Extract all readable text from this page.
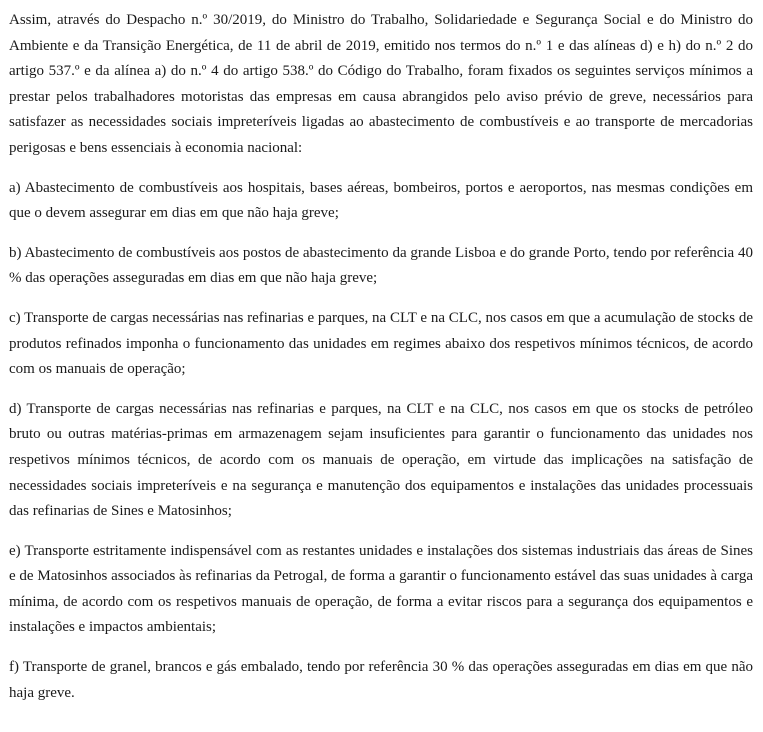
Assim, através do Despacho n.º 30/2019, do Ministro do Trabalho, Solidariedade e Segurança Social e do Ministro do Ambiente e da Transição Energética, de 11 de abril de 2019, emitido nos termos do n.º 1 e das alíneas d) e h) do n.º 2 do artigo 537.º e da alínea a) do n.º 4 do artigo 538.º do Código do Trabalho, foram fixados os seguintes serviços mínimos a prestar pelos trabalhadores motoristas das empresas em causa abrangidos pelo aviso prévio de greve, necessários para satisfazer as necessidades sociais impreteríveis ligadas ao abastecimento de combustíveis e ao transporte de mercadorias perigosas e bens essenciais à economia nacional:

a) Abastecimento de combustíveis aos hospitais, bases aéreas, bombeiros, portos e aeroportos, nas mesmas condições em que o devem assegurar em dias em que não haja greve;

b) Abastecimento de combustíveis aos postos de abastecimento da grande Lisboa e do grande Porto, tendo por referência 40 % das operações asseguradas em dias em que não haja greve;

c) Transporte de cargas necessárias nas refinarias e parques, na CLT e na CLC, nos casos em que a acumulação de stocks de produtos refinados imponha o funcionamento das unidades em regimes abaixo dos respetivos mínimos técnicos, de acordo com os manuais de operação;

d) Transporte de cargas necessárias nas refinarias e parques, na CLT e na CLC, nos casos em que os stocks de petróleo bruto ou outras matérias-primas em armazenagem sejam insuficientes para garantir o funcionamento das unidades nos respetivos mínimos técnicos, de acordo com os manuais de operação, em virtude das implicações na satisfação de necessidades sociais impreteríveis e na segurança e manutenção dos equipamentos e instalações das unidades processuais das refinarias de Sines e Matosinhos;

e) Transporte estritamente indispensável com as restantes unidades e instalações dos sistemas industriais das áreas de Sines e de Matosinhos associados às refinarias da Petrogal, de forma a garantir o funcionamento estável das suas unidades à carga mínima, de acordo com os respetivos manuais de operação, de forma a evitar riscos para a segurança dos equipamentos e instalações e impactos ambientais;

f) Transporte de granel, brancos e gás embalado, tendo por referência 30 % das operações asseguradas em dias em que não haja greve.
